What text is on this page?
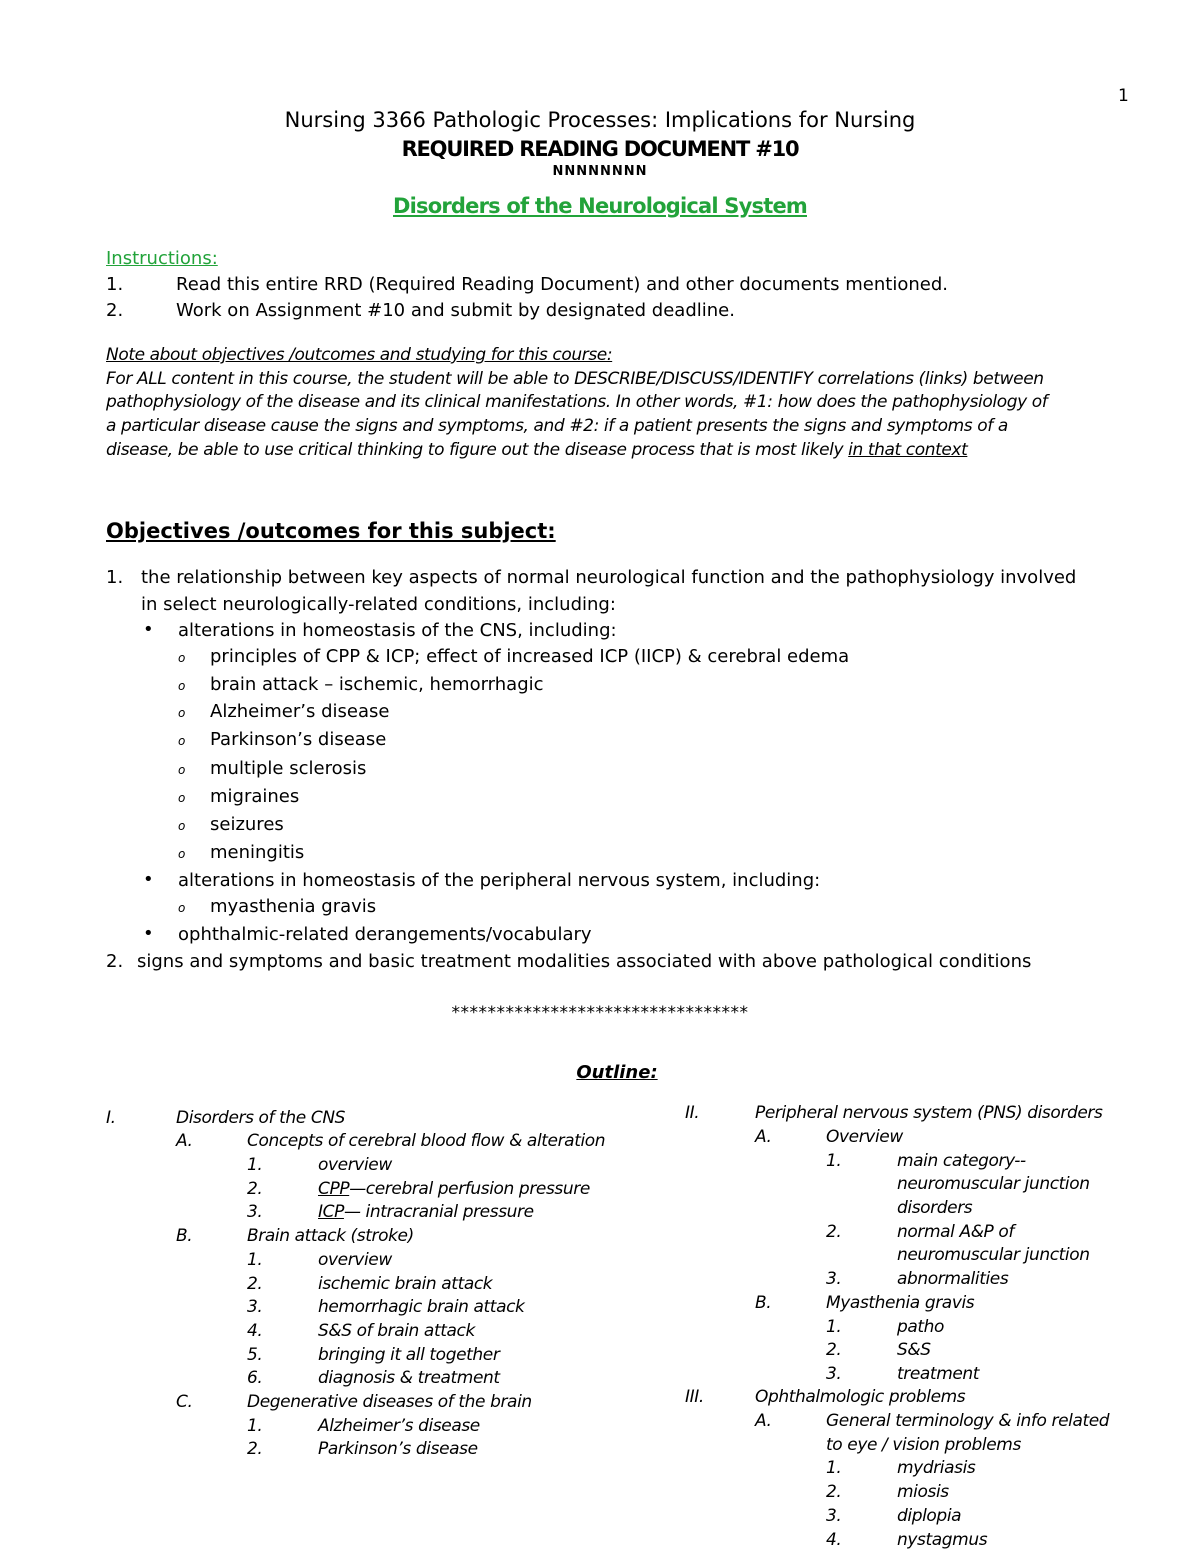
1
Nursing 3366 Pathologic Processes: Implications for Nursing
REQUIRED READING DOCUMENT #10
NNNNNNNN
Disorders of the Neurological System
Instructions:
1.	Read this entire RRD (Required Reading Document) and other documents mentioned.
2.	Work on Assignment #10 and submit by designated deadline.
Note about objectives /outcomes and studying for this course:
For ALL content in this course, the student will be able to DESCRIBE/DISCUSS/IDENTIFY correlations (links) between
pathophysiology of the disease and its clinical manifestations. In other words, #1: how does the pathophysiology of
a particular disease cause the signs and symptoms, and #2: if a patient presents the signs and symptoms of a
disease, be able to use critical thinking to figure out the disease process that is most likely in that context
Objectives /outcomes for this subject:
1. the relationship between key aspects of normal neurological function and the pathophysiology involved
in select neurologically-related conditions, including:
• alterations in homeostasis of the CNS, including:
o principles of CPP & ICP; effect of increased ICP (IICP) & cerebral edema
o brain attack – ischemic, hemorrhagic
o Alzheimer’s disease
o Parkinson’s disease
o multiple sclerosis
o migraines
o seizures
o meningitis
• alterations in homeostasis of the peripheral nervous system, including:
o myasthenia gravis
• ophthalmic-related derangements/vocabulary
2. signs and symptoms and basic treatment modalities associated with above pathological conditions
*********************************
Outline:
I.	Disorders of the CNS
A.	Concepts of cerebral blood flow & alteration
1.	overview
2.	CPP—cerebral perfusion pressure
3.	ICP— intracranial pressure
B.	Brain attack (stroke)
1.	overview
2.	ischemic brain attack
3.	hemorrhagic brain attack
4.	S&S of brain attack
5.	bringing it all together
6.	diagnosis & treatment
C.	Degenerative diseases of the brain
1.	Alzheimer’s disease
2.	Parkinson’s disease
II.	Peripheral nervous system (PNS) disorders
A.	Overview
1.	main category--
neuromuscular junction
disorders
2.	normal A&P of
neuromuscular junction
3.	abnormalities
B.	Myasthenia gravis
1.	patho
2.	S&S
3.	treatment
III.	Ophthalmologic problems
A.	General terminology & info related
to eye / vision problems
1.	mydriasis
2.	miosis
3.	diplopia
4.	nystagmus
